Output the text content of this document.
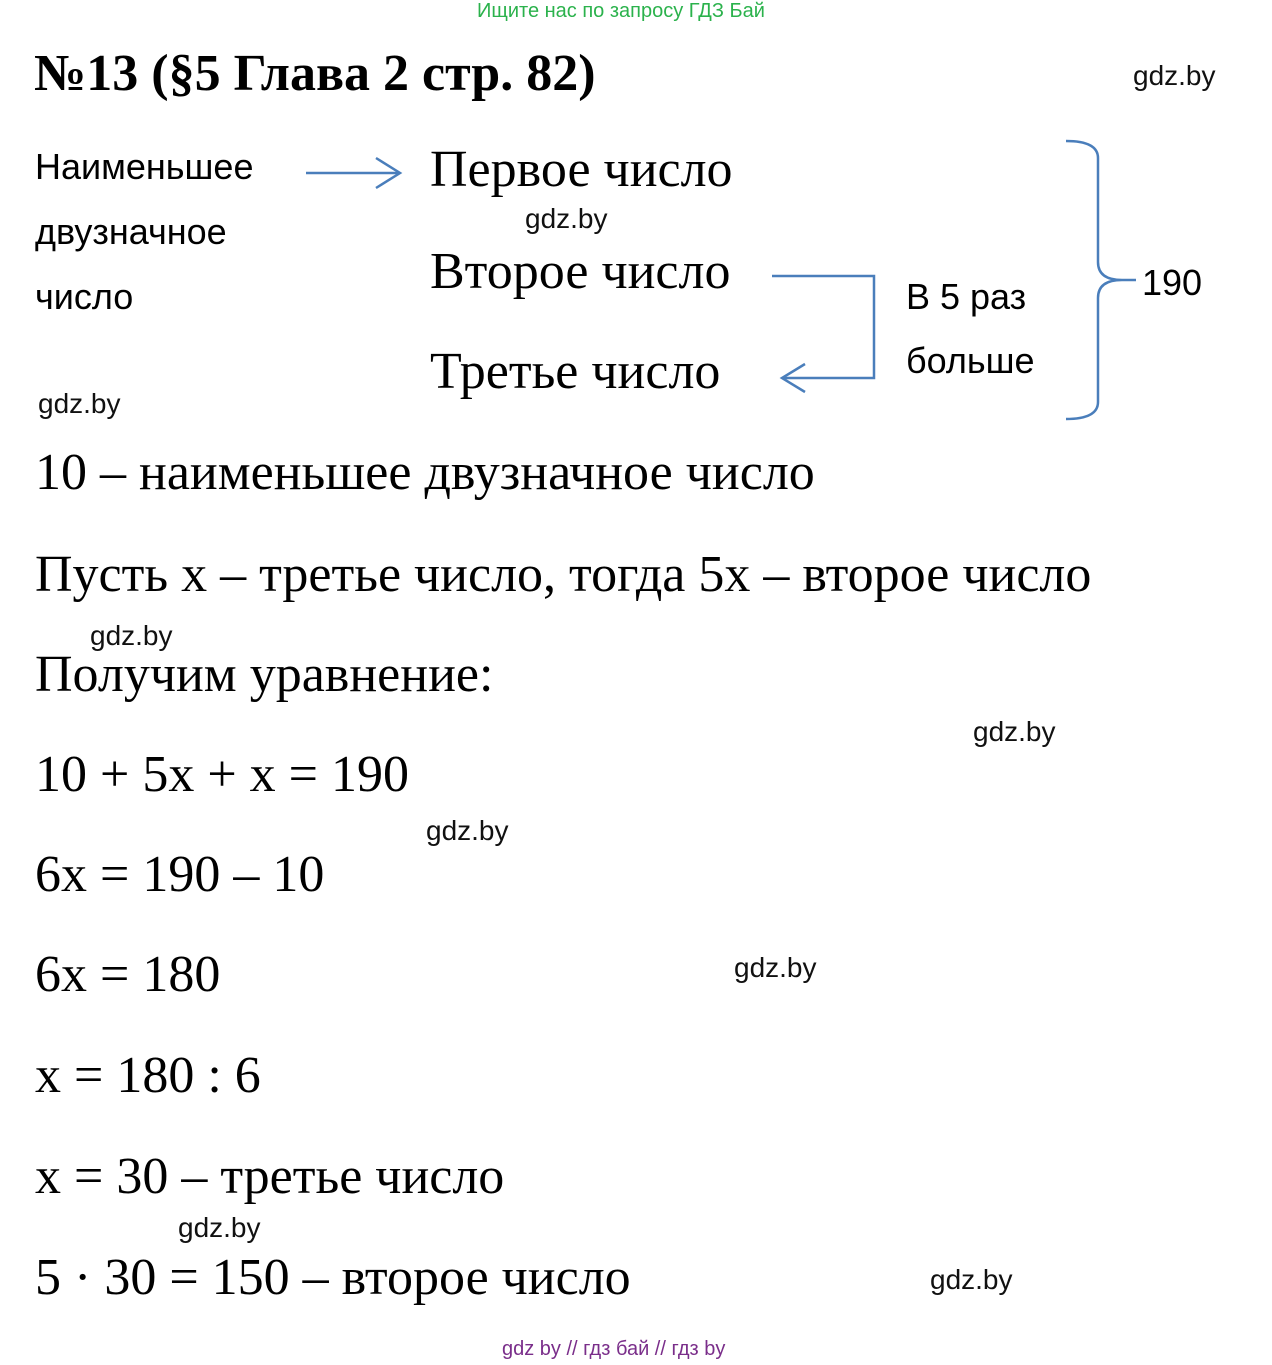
Ищите нас по запросу ГДЗ Бай
№13 (§5 Глава 2 стр. 82)	gdz.by
Наименьшее
двузначное
число
Первое число
gdz.by
Второе число
Третье число
В 5 раз
больше
190
gdz.by
10 – наименьшее двузначное число
Пусть x – третье число, тогда 5x – второе число
gdz.by
Получим уравнение:
gdz.by
10 + 5x + x = 190
gdz.by
6x = 190 – 10
gdz.by
6x = 180
x = 180 : 6
x = 30 – третье число
gdz.by
5 · 30 = 150 – второе число	gdz.by
gdz by // гдз бай // гдз by
